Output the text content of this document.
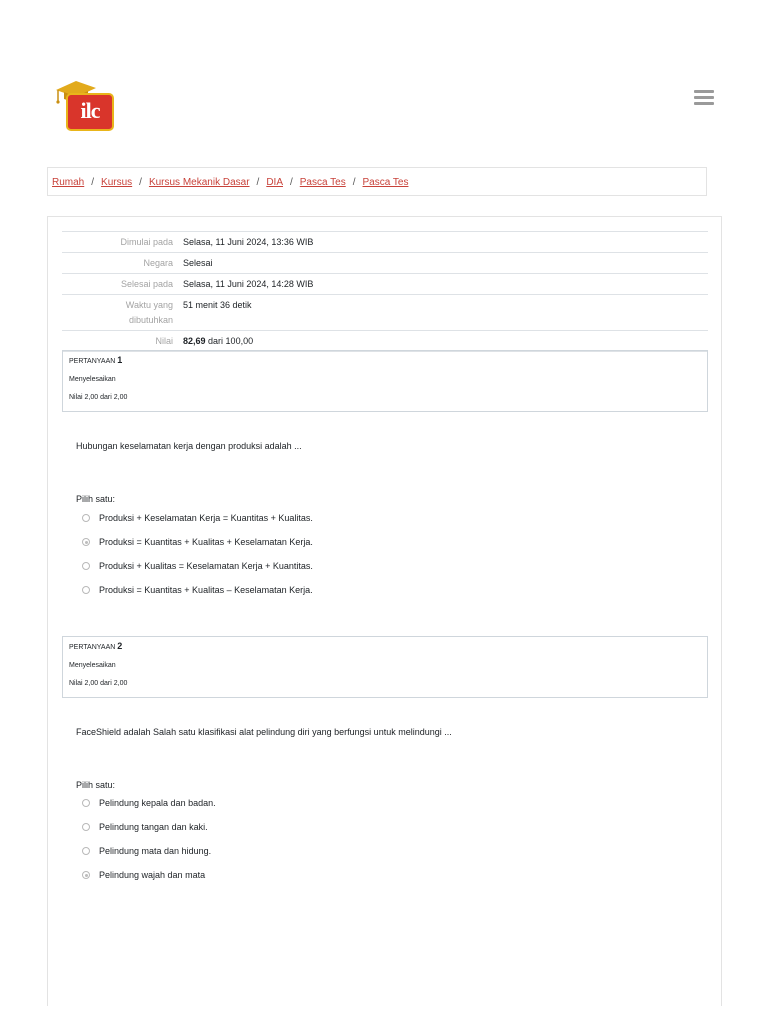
ilc
Rumah / Kursus / Kursus Mekanik Dasar / DIA / Pasca Tes / Pasca Tes
Dimulai pada	Selasa, 11 Juni 2024, 13:36 WIB
Negara	Selesai
Selesai pada	Selasa, 11 Juni 2024, 14:28 WIB
Waktu yang
dibutuhkan	51 menit 36 detik
Nilai	82,69 dari 100,00
PERTANYAAN 1
Menyelesaikan
Nilai 2,00 dari 2,00
Hubungan keselamatan kerja dengan produksi adalah ...
Pilih satu:
Produksi + Keselamatan Kerja = Kuantitas + Kualitas.
Produksi = Kuantitas + Kualitas + Keselamatan Kerja.
Produksi + Kualitas = Keselamatan Kerja + Kuantitas.
Produksi = Kuantitas + Kualitas – Keselamatan Kerja.
PERTANYAAN 2
Menyelesaikan
Nilai 2,00 dari 2,00
FaceShield adalah Salah satu klasifikasi alat pelindung diri yang berfungsi untuk melindungi ...
Pilih satu:
Pelindung kepala dan badan.
Pelindung tangan dan kaki.
Pelindung mata dan hidung.
Pelindung wajah dan mata
